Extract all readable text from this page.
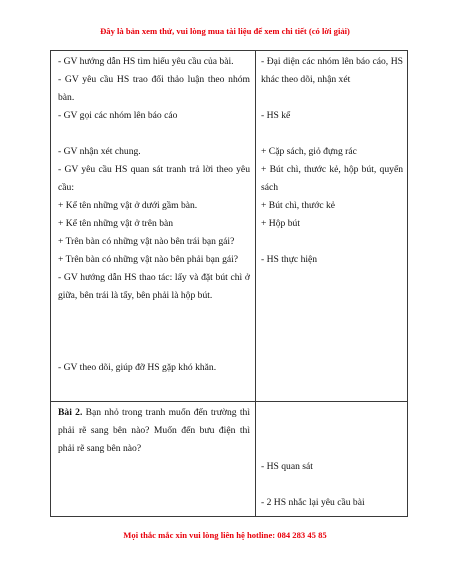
Đây là bản xem thử, vui lòng mua tài liệu để xem chi tiết (có lời giải)
- GV hướng dẫn HS tìm hiểu yêu cầu của bài.
- GV yêu cầu HS trao đổi thảo luận theo nhóm bàn.
- GV gọi các nhóm lên báo cáo
- GV nhận xét chung.
- GV yêu cầu HS quan sát tranh trả lời theo yêu cầu:
+ Kể tên những vật ở dưới gầm bàn.
+ Kể tên những vật ở trên bàn
+ Trên bàn có những vật nào bên trái bạn gái?
+ Trên bàn có những vật nào bên phải bạn gái?
- GV hướng dẫn HS thao tác: lấy và đặt bút chì ở giữa, bên trái là tẩy, bên phải là hộp bút.
- GV theo dõi, giúp đỡ HS gặp khó khăn.
- Đại diện các nhóm lên báo cáo, HS khác theo dõi, nhận xét
- HS kể
+ Cặp sách, giỏ đựng rác
+ Bút chì, thước kẻ, hộp bút, quyển sách
+ Bút chì, thước kẻ
+ Hộp bút
- HS thực hiện
Bài 2. Bạn nhỏ trong tranh muốn đến trường thì phải rẽ sang bên nào? Muốn đến bưu điện thì phải rẽ sang bên nào?
- HS quan sát
- 2 HS nhắc lại yêu cầu bài
Mọi thắc mắc xin vui lòng liên hệ hotline: 084 283 45 85
